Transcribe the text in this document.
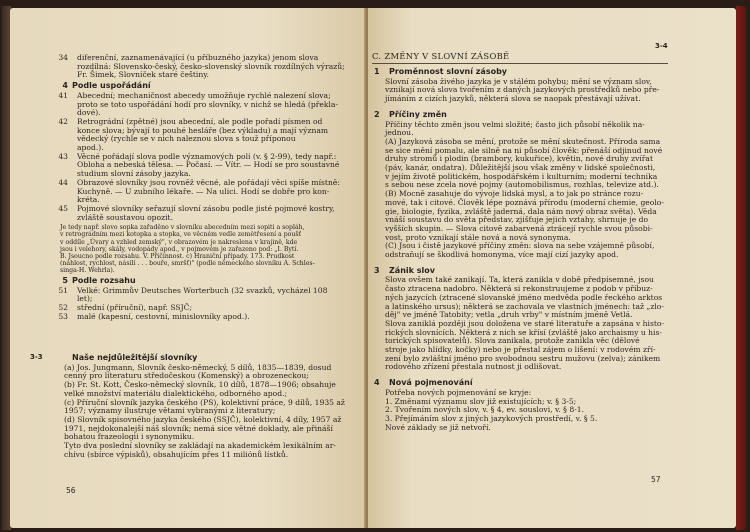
3-3
56
3-4
C. ZMĚNY V SLOVNÍ ZÁSOBĚ
57
34 diferenční, zaznamenávající (u příbuzného jazyka) jenom slova
rozdílná: Slovensko-český, česko-slovenský slovník rozdílných výrazů;
Fr. Šimek, Slovníček staré češtiny.
4 Podle uspořádání
41 Abecední; mechaničnost abecedy umožňuje rychlé nalezení slova;
proto se toto uspořádání hodí pro slovníky, v nichž se hledá (překla-
dové).
42 Retrográdní (zpětné) jsou abecední, ale podle pořadí písmen od
konce slova; bývají to pouhé hesláře (bez výkladu) a mají význam
vědecký (rychle se v nich naleznou slova s touž příponou
apod.).
43 Věcné pořádají slova podle významových polí (v. § 2-99), tedy např.:
Obloha a nebeská tělesa. — Počasí. — Vítr. — Hodí se pro soustavné
studium slovní zásoby jazyka.
44 Obrazové slovníky jsou rovněž věcné, ale pořádají věci spíše místně:
Kuchyně. — U zubního lékaře. — Na ulici. Hodí se dobře pro kon-
krétа.
45 Pojmové slovníky seřazují slovní zásobu podle jisté pojmové kostry,
zvláště soustavou opozit.
Je tedy např. slovo sopka zařaděno v slovníku abecedním mezi sopiti a sopláh,
v retrográdním mezi kotopka a stopka, ve věcném vedle zemětřesení a poušť
v oddíle „Úvary a vzhled zemský", v obrazovém je nakreslena v krajině, kde
jsou i velehory, skály, vodopády apod., v pojmovém je zařazeno pod: „I. Bytí.
B. Jsoucno podle rozsahu. V. Přičinnost. c) Hraniční případy. 173. Prudkost
(náhlost, rychlost, násilí . . . bouře, smršť)" (podle německého slovníku A. Schles-
singa-H. Wehrla).
5 Podle rozsahu
51 Velké: Grimmův Deutsches Worterbuch (32 svazků, vycházel 108
let);
52 střední (příruční), např. SSJČ;
53 malé (kapesní, cestovní, minislovníky apod.).
Naše nejdůležitější slovníky
(a) Jos. Jungmann, Slovník česko-německý, 5 dílů, 1835—1839, dosud
cenný pro literaturu středočeskou (Komenský) a obrozeneckou;
(b) Fr. St. Kott, Česko-německý slovník, 10 dílů, 1878—1906; obsahuje
velké množství materiálu dialektického, odborného apod.;
(c) Příruční slovník jazyka českého (PS), kolektivní práce, 9 dílů, 1935 až
1957; významy ilustruje větami vybranými z literatury;
(d) Slovník spisovného jazyka českého (SSJČ), kolektivní, 4 díly, 1957 až
1971, nejdokonalejší náš slovník; nemá sice větné doklady, ale přináší
bohatou frazeologii i synonymiku.
Tyto dva poslední slovníky se zakládají na akademickém lexikálním ar-
chívu (sbírce výpisků), obsahujícím přes 11 miliónů lístků.
1 Proměnnost slovní zásoby
Slovní zásoba živého jazyka je v stálém pohybu; mění se význam slov,
vznikají nová slova tvořením z daných jazykových prostředků nebo pře-
jímáním z cizích jazyků, některá slova se naopak přestávají užívat.
2 Příčiny změn
Příčiny těchto změn jsou velmi složité; často jich působí několik na-
jednou.
(A) Jazyková zásoba se mění, protože se mění skutečnost. Příroda sama
se sice mění pomalu, ale silně na ni působí člověk: přenáší odjinud nové
druhy stromů i plodin (brambory, kukuřice), květin, nové druhy zvířat
(páv, kanár, ondatra). Důležitější jsou však změny v lidské společnosti,
v jejím životě politickém, hospodářském i kulturním; moderní technika
s sebou nese zcela nové pojmy (automobilismus, rozhlas, televize atd.).
(B) Mocně zasahuje do vývoje lidská mysl, a to jak po stránce rozu-
mové, tak i citové. Člověk lépe poznává přírodu (moderní chemie, geolo-
gie, biologie, fyzika, zvláště jaderná, dala nám nový obraz světa). Věda
vnáší soustavu do světa představ, zjišťuje jejich vztahy, shrnuje je do
vyšších skupin. — Slova citově zabarvená ztrácejí rychle svou působi-
vost, proto vznikají stále nová a nová synonyma.
(C) Jsou i čistě jazykové příčiny změn: slova na sebe vzájemně působí,
odstraňují se škodlivá homonyma, více mají cizí jazyky apod.
3 Zánik slov
Slova ovšem také zanikají. Ta, která zanikla v době předpísemné, jsou
často ztracena nadobro. Některá si rekonstruujeme z podob v příbuz-
ných jazycích (ztracené slovanské jméno medvěda podle řeckého arktos
a latinského ursus); některá se zachovala ve vlastních jménech: taž „zlo-
děj" ve jméně Tatobity; vetla „druh vrby" v místním jméně Vetlá.
Slova zaniklá později jsou doložena ve staré literatuře a zapsána v histo-
rických slovnících. Některá z nich se křísí (zvláště jako archaismy u his-
torických spisovatelů). Slova zanikala, protože zanikla věc (dělové
stroje jako hlídky, kočky) nebo je přestal zájem o lišení: v rodovém zří-
zení bylo zvláštní jméno pro svobodnou sestru mužovu (zelva); zánikem
rodového zřízení přestala nutnost ji odlišovat.
4 Nová pojmenování
Potřeba nových pojmenování se kryje:
1. Změnami významu slov již existujících; v. § 3-5;
2. Tvořením nových slov, v. § 4, ev. souslovi, v. § 8-1.
3. Přejímáním slov z jiných jazykových prostředí, v. § 5.
Nové základy se již netvoří.
